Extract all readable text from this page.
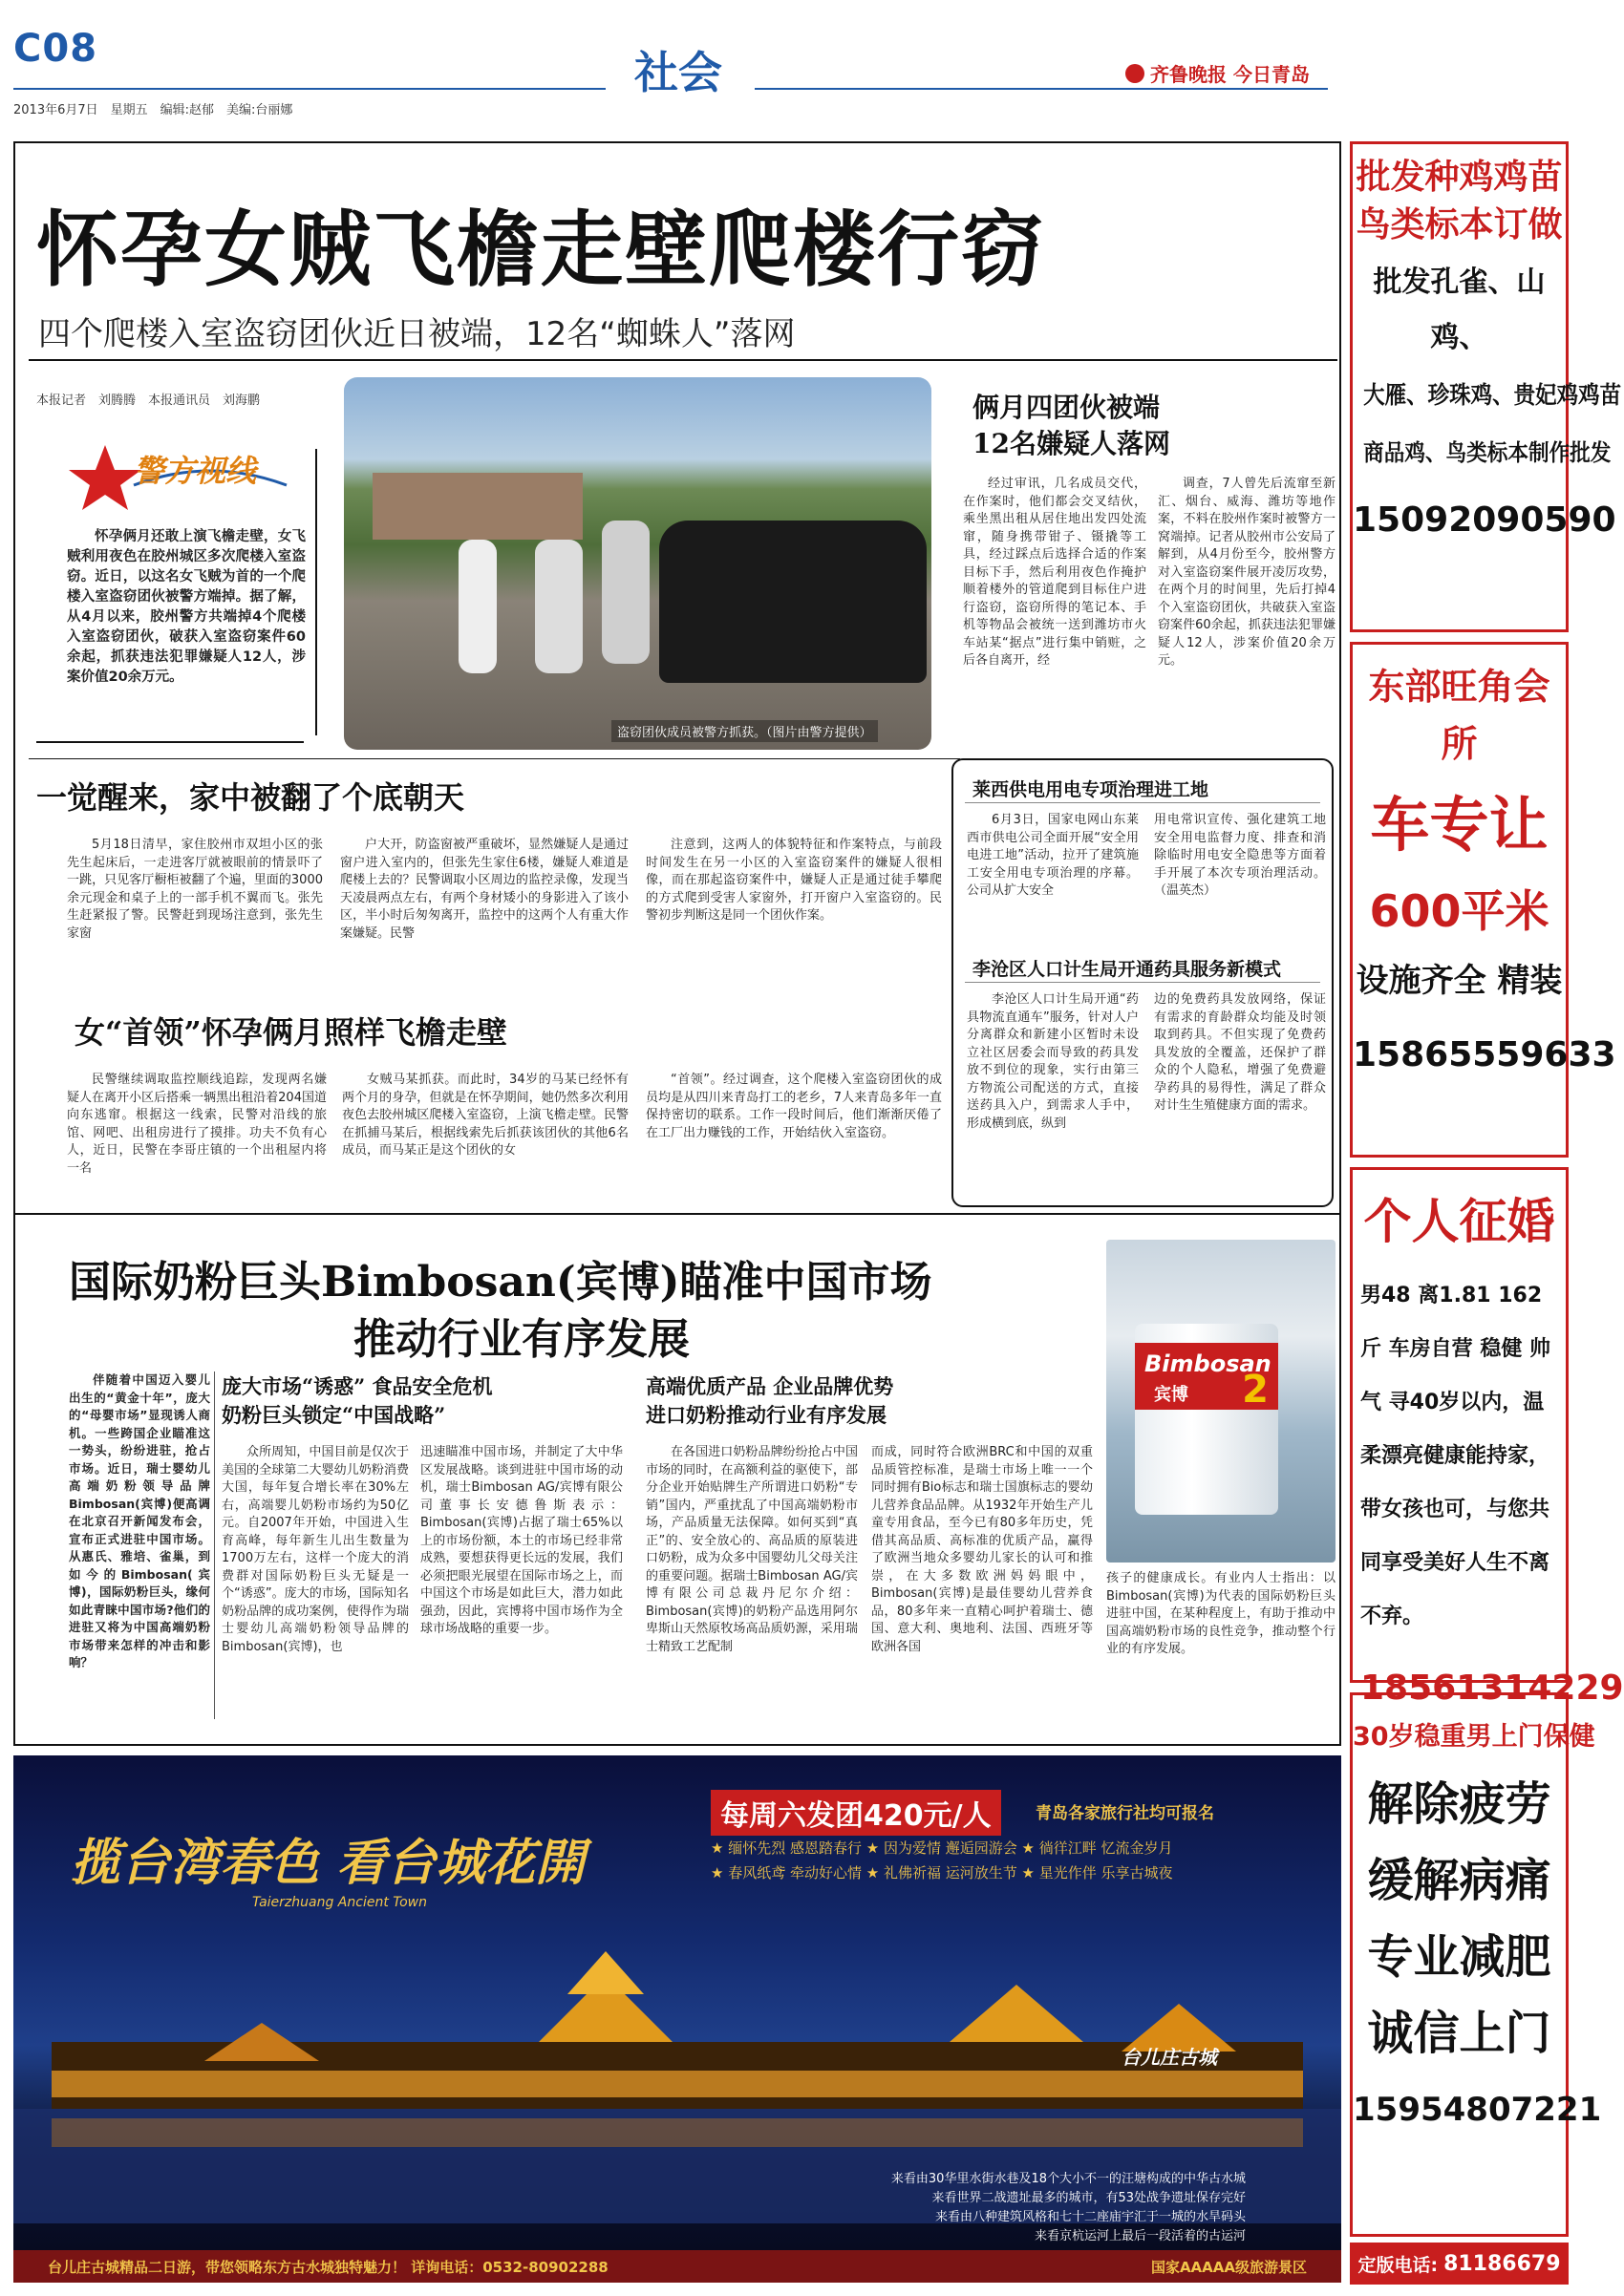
C08
2013年6月7日　星期五　编辑:赵郁　美编:台丽娜
社会	齐鲁晚报 今日青岛
怀孕女贼飞檐走壁爬楼行窃
四个爬楼入室盗窃团伙近日被端，12名“蜘蛛人”落网
本报记者　刘腾腾　本报通讯员　刘海鹏
警方视线

怀孕俩月还敢上演飞檐走壁，女飞贼利用夜色在胶州城区多次爬楼入室盗窃。近日，以这名女飞贼为首的一个爬楼入室盗窃团伙被警方端掉。据了解，从4月以来，胶州警方共端掉4个爬楼入室盗窃团伙，破获入室盗窃案件60余起，抓获违法犯罪嫌疑人12人，涉案价值20余万元。

盗窃团伙成员被警方抓获。（图片由警方提供）
俩月四团伙被端
12名嫌疑人落网

经过审讯，几名成员交代，在作案时，他们都会交叉结伙，乘坐黑出租从居住地出发四处流窜，随身携带钳子、镊撬等工具，经过踩点后选择合适的作案目标下手，然后利用夜色作掩护顺着楼外的管道爬到目标住户进行盗窃，盗窃所得的笔记本、手机等物品会被统一送到潍坊市火车站某“据点”进行集中销赃，之后各自离开，经

调查，7人曾先后流窜至新汇、烟台、威海、潍坊等地作案，不料在胶州作案时被警方一窝端掉。记者从胶州市公安局了解到，从4月份至今，胶州警方对入室盗窃案件展开凌厉攻势，在两个月的时间里，先后打掉4个入室盗窃团伙，共破获入室盗窃案件60余起，抓获违法犯罪嫌疑人12人，涉案价值20余万元。

一觉醒来，家中被翻了个底朝天

5月18日清早，家住胶州市双坦小区的张先生起床后，一走进客厅就被眼前的情景吓了一跳，只见客厅橱柜被翻了个遍，里面的3000余元现金和桌子上的一部手机不翼而飞。张先生赶紧报了警。民警赶到现场注意到，张先生家窗

户大开，防盗窗被严重破坏，显然嫌疑人是通过窗户进入室内的，但张先生家住6楼，嫌疑人难道是爬楼上去的？民警调取小区周边的监控录像，发现当天凌晨两点左右，有两个身材矮小的身影进入了该小区，半小时后匆匆离开，监控中的这两个人有重大作案嫌疑。民警

注意到，这两人的体貌特征和作案特点，与前段时间发生在另一小区的入室盗窃案件的嫌疑人很相像，而在那起盗窃案件中，嫌疑人正是通过徒手攀爬的方式爬到受害人家窗外，打开窗户入室盗窃的。民警初步判断这是同一个团伙作案。

女“首领”怀孕俩月照样飞檐走壁

民警继续调取监控顺线追踪，发现两名嫌疑人在离开小区后搭乘一辆黑出租沿着204国道向东逃窜。根据这一线索，民警对沿线的旅馆、网吧、出租房进行了摸排。功夫不负有心人，近日，民警在李哥庄镇的一个出租屋内将一名

女贼马某抓获。而此时，34岁的马某已经怀有两个月的身孕，但就是在怀孕期间，她仍然多次利用夜色去胶州城区爬楼入室盗窃，上演飞檐走壁。民警在抓捕马某后，根据线索先后抓获该团伙的其他6名成员，而马某正是这个团伙的女

“首领”。经过调查，这个爬楼入室盗窃团伙的成员均是从四川来青岛打工的老乡，7人来青岛多年一直保持密切的联系。工作一段时间后，他们渐渐厌倦了在工厂出力赚钱的工作，开始结伙入室盗窃。

莱西供电用电专项治理进工地

6月3日，国家电网山东莱西市供电公司全面开展“安全用电进工地”活动，拉开了建筑施工安全用电专项治理的序幕。公司从扩大安全

用电常识宣传、强化建筑工地安全用电监督力度、排查和消除临时用电安全隐患等方面着手开展了本次专项治理活动。（温英杰）

李沧区人口计生局开通药具服务新模式

李沧区人口计生局开通“药具物流直通车”服务，针对人户分离群众和新建小区暂时未设立社区居委会而导致的药具发放不到位的现象，实行由第三方物流公司配送的方式，直接送药具入户，到需求人手中，形成横到底，纵到

边的免费药具发放网络，保证有需求的育龄群众均能及时领取到药具。不但实现了免费药具发放的全覆盖，还保护了群众的个人隐私，增强了免费避孕药具的易得性，满足了群众对计生生殖健康方面的需求。

国际奶粉巨头Bimbosan(宾博)瞄准中国市场
推动行业有序发展	Bimbosan
宾博 2

伴随着中国迈入婴儿出生的“黄金十年”，庞大的“母婴市场”显现诱人商机。一些跨国企业瞄准这一势头，纷纷进驻，抢占市场。近日，瑞士婴幼儿高端奶粉领导品牌Bimbosan(宾博)便高调在北京召开新闻发布会，宣布正式进驻中国市场。从惠氏、雅培、雀巢，到如今的Bimbosan(宾博)，国际奶粉巨头，缘何如此青睐中国市场?他们的进驻又将为中国高端奶粉市场带来怎样的冲击和影响？

庞大市场“诱惑” 食品安全危机
奶粉巨头锁定“中国战略”

众所周知，中国目前是仅次于美国的全球第二大婴幼儿奶粉消费大国，每年复合增长率在30%左右，高端婴儿奶粉市场约为50亿元。自2007年开始，中国进入生育高峰，每年新生儿出生数量为1700万左右，这样一个庞大的消费群对国际奶粉巨头无疑是一个“诱惑”。庞大的市场，国际知名奶粉品牌的成功案例，使得作为瑞士婴幼儿高端奶粉领导品牌的Bimbosan(宾博)，也

迅速瞄准中国市场，并制定了大中华区发展战略。谈到进驻中国市场的动机，瑞士Bimbosan AG/宾博有限公司董事长安德鲁斯表示：Bimbosan(宾博)占据了瑞士65%以上的市场份额，本土的市场已经非常成熟，要想获得更长远的发展，我们必须把眼光展望在国际市场之上，而中国这个市场是如此巨大，潜力如此强劲，因此，宾博将中国市场作为全球市场战略的重要一步。

高端优质产品 企业品牌优势
进口奶粉推动行业有序发展

在各国进口奶粉品牌纷纷抢占中国市场的同时，在高额利益的驱使下，部分企业开始贴牌生产所谓进口奶粉“专销”国内，严重扰乱了中国高端奶粉市场，产品质量无法保障。如何买到“真正”的、安全放心的、高品质的原装进口奶粉，成为众多中国婴幼儿父母关注的重要问题。据瑞士Bimbosan AG/宾博有限公司总裁丹尼尔介绍：Bimbosan(宾博)的奶粉产品选用阿尔卑斯山天然原牧场高品质奶源，采用瑞士精致工艺配制

而成，同时符合欧洲BRC和中国的双重品质管控标准，是瑞士市场上唯一一个同时拥有Bio标志和瑞士国旗标志的婴幼儿营养食品品牌。从1932年开始生产儿童专用食品，至今已有80多年历史，凭借其高品质、高标准的优质产品，赢得了欧洲当地众多婴幼儿家长的认可和推崇，在大多数欧洲妈妈眼中，Bimbosan(宾博)是最佳婴幼儿营养食品，80多年来一直精心呵护着瑞士、德国、意大利、奥地利、法国、西班牙等欧洲各国

孩子的健康成长。有业内人士指出：以Bimbosan(宾博)为代表的国际奶粉巨头进驻中国，在某种程度上，有助于推动中国高端奶粉市场的良性竞争，推动整个行业的有序发展。

批发种鸡鸡苗
鸟类标本订做
批发孔雀、山鸡、
大雁、珍珠鸡、贵妃鸡鸡苗
商品鸡、鸟类标本制作批发
15092090590
东部旺角会所
车专让
600平米
设施齐全 精装
15865559633
个人征婚
男48 离1.81 162斤 车房自营 稳健 帅气 寻40岁以内，温柔漂亮健康能持家，带女孩也可，与您共同享受美好人生不离不弃。
18561314229
30岁稳重男上门保健
解除疲劳
缓解病痛
专业减肥
诚信上门
15954807221
定版电话: 81186679
揽台湾春色 看台城花開
Taierzhuang Ancient Town
每周六发团420元/人	青岛各家旅行社均可报名
★ 缅怀先烈 感恩踏春行 ★ 因为爱情 邂逅园游会 ★ 徜徉江畔 忆流金岁月
★ 春风纸鸢 牵动好心情 ★ 礼佛祈福 运河放生节 ★ 星光作伴 乐享古城夜
台儿庄古城
来看由30华里水街水巷及18个大小不一的汪塘构成的中华古水城
来看世界二战遗址最多的城市，有53处战争遗址保存完好
来看由八种建筑风格和七十二座庙宇汇于一城的水旱码头
来看京杭运河上最后一段活着的古运河
台儿庄古城精品二日游，带您领略东方古水城独特魅力！ 详询电话：0532-80902288	国家AAAAA级旅游景区
